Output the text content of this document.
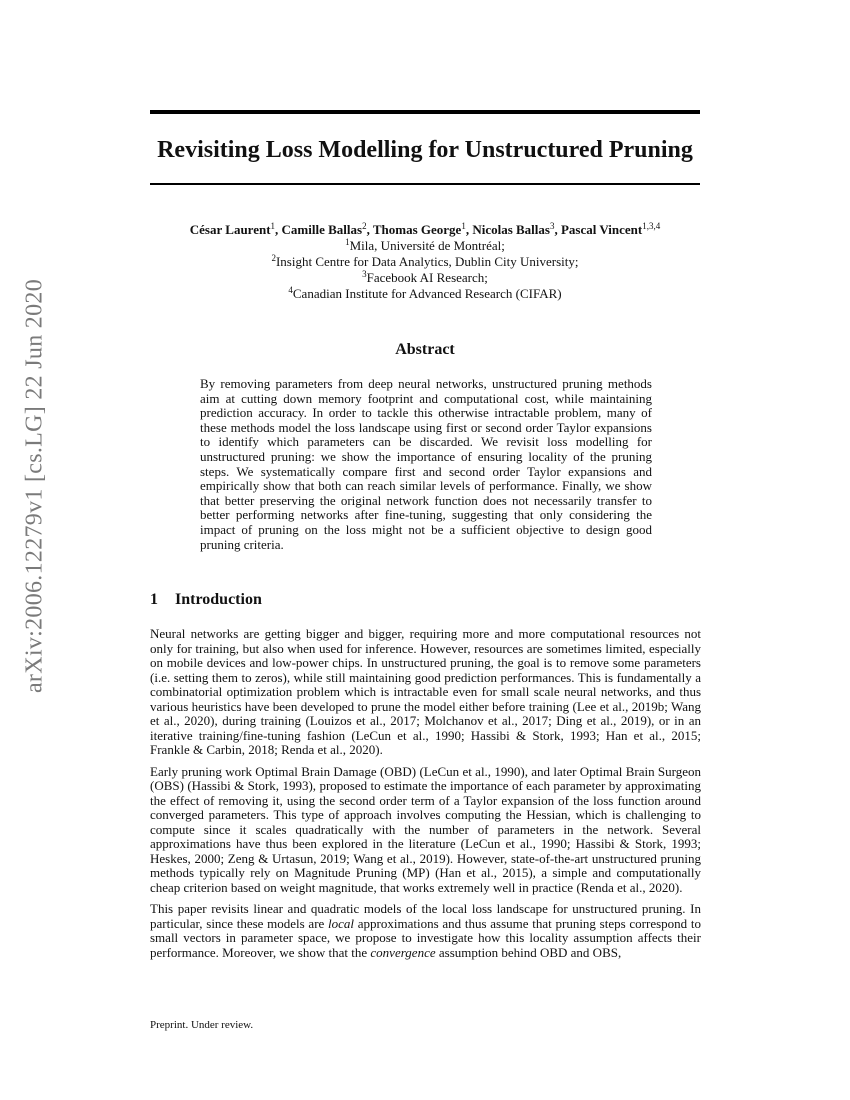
arXiv:2006.12279v1 [cs.LG] 22 Jun 2020
Revisiting Loss Modelling for Unstructured Pruning
César Laurent$^1$, Camille Ballas$^2$, Thomas George$^1$, Nicolas Ballas$^3$, Pascal Vincent$^{1,3,4}$
$^1$Mila, Université de Montréal;
$^2$Insight Centre for Data Analytics, Dublin City University;
$^3$Facebook AI Research;
$^4$Canadian Institute for Advanced Research (CIFAR)
Abstract

By removing parameters from deep neural networks, unstructured pruning methods aim at cutting down memory footprint and computational cost, while maintaining prediction accuracy. In order to tackle this otherwise intractable problem, many of these methods model the loss landscape using first or second order Taylor expansions to identify which parameters can be discarded. We revisit loss modelling for unstructured pruning: we show the importance of ensuring locality of the pruning steps. We systematically compare first and second order Taylor expansions and empirically show that both can reach similar levels of performance. Finally, we show that better preserving the original network function does not necessarily transfer to better performing networks after fine-tuning, suggesting that only considering the impact of pruning on the loss might not be a sufficient objective to design good pruning criteria.

1 Introduction

Neural networks are getting bigger and bigger, requiring more and more computational resources not only for training, but also when used for inference. However, resources are sometimes limited, especially on mobile devices and low-power chips. In unstructured pruning, the goal is to remove some parameters (i.e. setting them to zeros), while still maintaining good prediction performances. This is fundamentally a combinatorial optimization problem which is intractable even for small scale neural networks, and thus various heuristics have been developed to prune the model either before training (Lee et al., 2019b; Wang et al., 2020), during training (Louizos et al., 2017; Molchanov et al., 2017; Ding et al., 2019), or in an iterative training/fine-tuning fashion (LeCun et al., 1990; Hassibi & Stork, 1993; Han et al., 2015; Frankle & Carbin, 2018; Renda et al., 2020).

Early pruning work Optimal Brain Damage (OBD) (LeCun et al., 1990), and later Optimal Brain Surgeon (OBS) (Hassibi & Stork, 1993), proposed to estimate the importance of each parameter by approximating the effect of removing it, using the second order term of a Taylor expansion of the loss function around converged parameters. This type of approach involves computing the Hessian, which is challenging to compute since it scales quadratically with the number of parameters in the network. Several approximations have thus been explored in the literature (LeCun et al., 1990; Hassibi & Stork, 1993; Heskes, 2000; Zeng & Urtasun, 2019; Wang et al., 2019). However, state-of-the-art unstructured pruning methods typically rely on Magnitude Pruning (MP) (Han et al., 2015), a simple and computationally cheap criterion based on weight magnitude, that works extremely well in practice (Renda et al., 2020).

This paper revisits linear and quadratic models of the local loss landscape for unstructured pruning. In particular, since these models are local approximations and thus assume that pruning steps correspond to small vectors in parameter space, we propose to investigate how this locality assumption affects their performance. Moreover, we show that the convergence assumption behind OBD and OBS,

Preprint. Under review.
